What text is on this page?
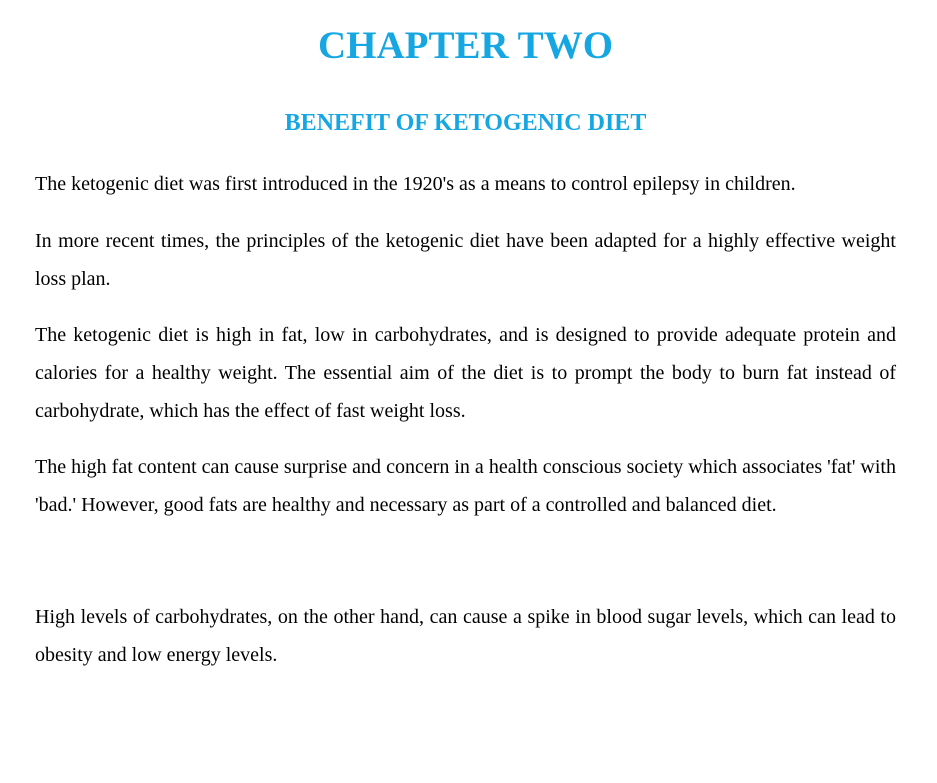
CHAPTER TWO
BENEFIT OF KETOGENIC DIET

The ketogenic diet was first introduced in the 1920's as a means to control epilepsy in children.

In more recent times, the principles of the ketogenic diet have been adapted for a highly effective weight loss plan.

The ketogenic diet is high in fat, low in carbohydrates, and is designed to provide adequate protein and calories for a healthy weight. The essential aim of the diet is to prompt the body to burn fat instead of carbohydrate, which has the effect of fast weight loss.

The high fat content can cause surprise and concern in a health conscious society which associates 'fat' with 'bad.' However, good fats are healthy and necessary as part of a controlled and balanced diet.

High levels of carbohydrates, on the other hand, can cause a spike in blood sugar levels, which can lead to obesity and low energy levels.
